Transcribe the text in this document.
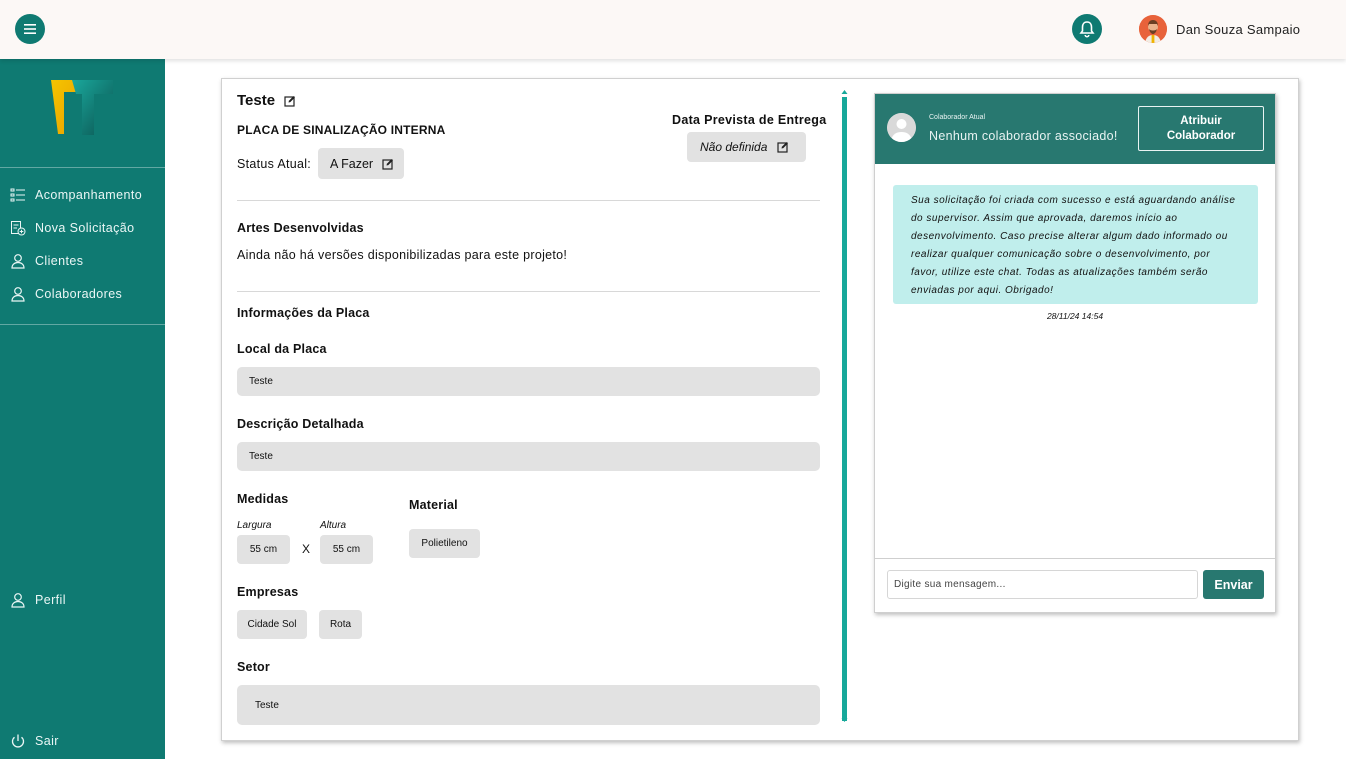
Dan Souza Sampaio
Acompanhamento
Nova Solicitação
Clientes
Colaboradores
Perfil
Sair
Teste
PLACA DE SINALIZAÇÃO INTERNA
Status Atual: A Fazer
Data Prevista de Entrega
Não definida
Artes Desenvolvidas
Ainda não há versões disponibilizadas para este projeto!
Informações da Placa
Local da Placa
Teste
Descrição Detalhada
Teste
Medidas
Largura	Altura
55 cm	X	55 cm
Material
Polietileno
Empresas
Cidade Sol	Rota
Setor
Teste
Colaborador Atual
Nenhum colaborador associado!
Atribuir Colaborador
Sua solicitação foi criada com sucesso e está aguardando análise do supervisor. Assim que aprovada, daremos início ao desenvolvimento. Caso precise alterar algum dado informado ou realizar qualquer comunicação sobre o desenvolvimento, por favor, utilize este chat. Todas as atualizações também serão enviadas por aqui. Obrigado!
28/11/24 14:54
Digite sua mensagem...
Enviar
